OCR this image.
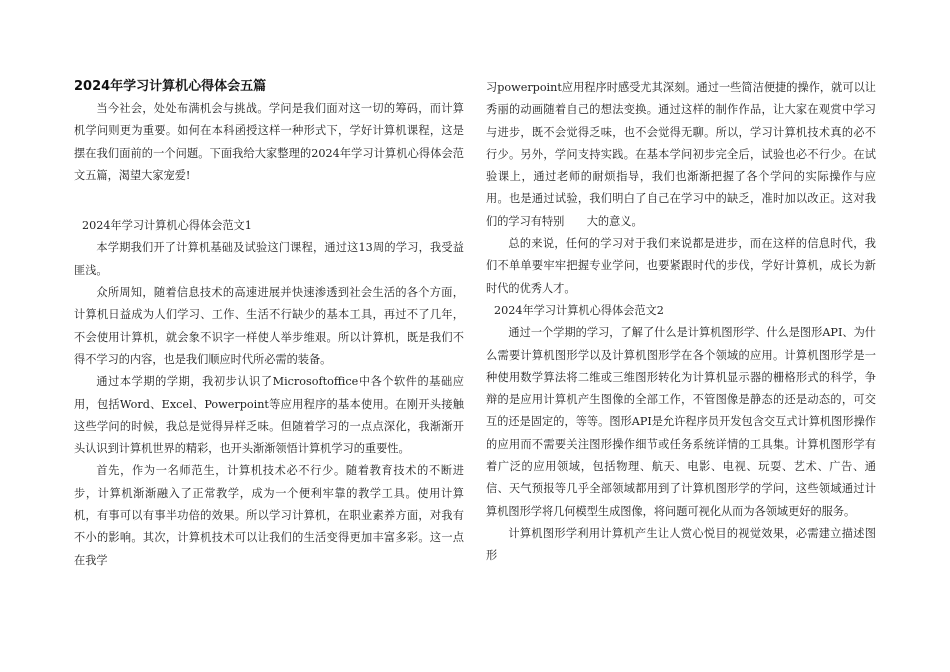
2024年学习计算机心得体会五篇

当今社会，处处布满机会与挑战。学问是我们面对这一切的筹码，而计算机学问则更为重要。如何在本科函授这样一种形式下，学好计算机课程，这是摆在我们面前的一个问题。下面我给大家整理的2024年学习计算机心得体会范文五篇，渴望大家宠爱!

2024年学习计算机心得体会范文1

本学期我们开了计算机基础及试验这门课程，通过这13周的学习，我受益匪浅。

众所周知，随着信息技术的高速进展并快速渗透到社会生活的各个方面，计算机日益成为人们学习、工作、生活不行缺少的基本工具，再过不了几年，不会使用计算机，就会象不识字一样使人举步维艰。所以计算机，既是我们不得不学习的内容，也是我们顺应时代所必需的装备。

通过本学期的学期，我初步认识了Microsoftoffice中各个软件的基础应用，包括Word、Excel、Powerpoint等应用程序的基本使用。在刚开头接触这些学问的时候，我总是觉得异样乏味。但随着学习的一点点深化，我渐渐开头认识到计算机世界的精彩，也开头渐渐领悟计算机学习的重要性。

首先，作为一名师范生，计算机技术必不行少。随着教育技术的不断进步，计算机渐渐融入了正常教学，成为一个便利牢靠的教学工具。使用计算机，有事可以有事半功倍的效果。所以学习计算机，在职业素养方面，对我有不小的影响。其次，计算机技术可以让我们的生活变得更加丰富多彩。这一点在我学

习powerpoint应用程序时感受尤其深刻。通过一些简洁便捷的操作，就可以让秀丽的动画随着自己的想法变换。通过这样的制作作品，让大家在观赏中学习与进步，既不会觉得乏味，也不会觉得无聊。所以，学习计算机技术真的必不行少。另外，学问支持实践。在基本学问初步完全后，试验也必不行少。在试验课上，通过老师的耐烦指导，我们也渐渐把握了各个学问的实际操作与应用。也是通过试验，我们明白了自己在学习中的缺乏，准时加以改正。这对我们的学习有特别　　大的意义。

总的来说，任何的学习对于我们来说都是进步，而在这样的信息时代，我们不单单要牢牢把握专业学问，也要紧跟时代的步伐，学好计算机，成长为新时代的优秀人才。

2024年学习计算机心得体会范文2

通过一个学期的学习，了解了什么是计算机图形学、什么是图形API、为什么需要计算机图形学以及计算机图形学在各个领域的应用。计算机图形学是一种使用数学算法将二维或三维图形转化为计算机显示器的栅格形式的科学，争辩的是应用计算机产生图像的全部工作，不管图像是静态的还是动态的，可交互的还是固定的，等等。图形API是允许程序员开发包含交互式计算机图形操作的应用而不需要关注图形操作细节或任务系统详情的工具集。计算机图形学有着广泛的应用领域，包括物理、航天、电影、电视、玩耍、艺术、广告、通信、天气预报等几乎全部领域都用到了计算机图形学的学问，这些领域通过计算机图形学将几何模型生成图像，将问题可视化从而为各领域更好的服务。

计算机图形学利用计算机产生让人赏心悦目的视觉效果，必需建立描述图形
